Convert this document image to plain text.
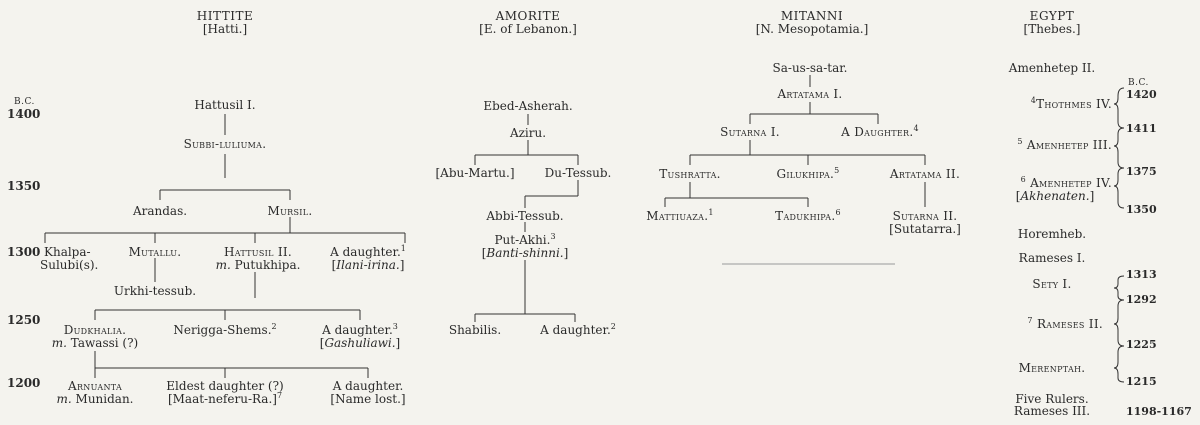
HITTITE
[Hatti.]
AMORITE
[E. of Lebanon.]
MITANNI
[N. Mesopotamia.]
EGYPT
[Thebes.]
B.C.
1400
1350
1300
1250
1200
Hattusil I.
Subbi-luliuma.
Arandas.	Mursil.
Khalpa-
Sulubi(s).
Mutallu.	Hattusil II.
m. Putukhipa.
A daughter.$^1$
[Ilani-irina.]
Urkhi-tessub.
Dudkhalia.
m. Tawassi (?)
Nerigga-Shems.$^2$	A daughter.$^3$
[Gashuliawi.]
Arnuanta
m. Munidan.
Eldest daughter (?)
[Maat-neferu-Ra.]$^7$
A daughter.
[Name lost.]
Ebed-Asherah.
Aziru.
[Abu-Martu.]	Du-Tessub.
Abbi-Tessub.
Put-Akhi.$^3$
[Banti-shinni.]
Shabilis.	A daughter.$^2$
Sa-us-sa-tar.
Artatama I.
Sutarna I.	A Daughter.$^4$
Tushratta.	Gilukhipa.$^5$	Artatama II.
Mattiuaza.$^1$	Tadukhipa.$^6$	Sutarna II.
[Sutatarra.]
Amenhetep II.
B.C.
1420
$^4$Thothmes IV.
1411
$^5$ Amenhetep III.
1375
$^6$ Amenhetep IV.
[Akhenaten.]
1350
Horemheb.
Rameses I.
1313
Sety I.
1292
$^7$ Rameses II.
1225
Merenptah.
1215
Five Rulers.
Rameses III.	1198-1167
